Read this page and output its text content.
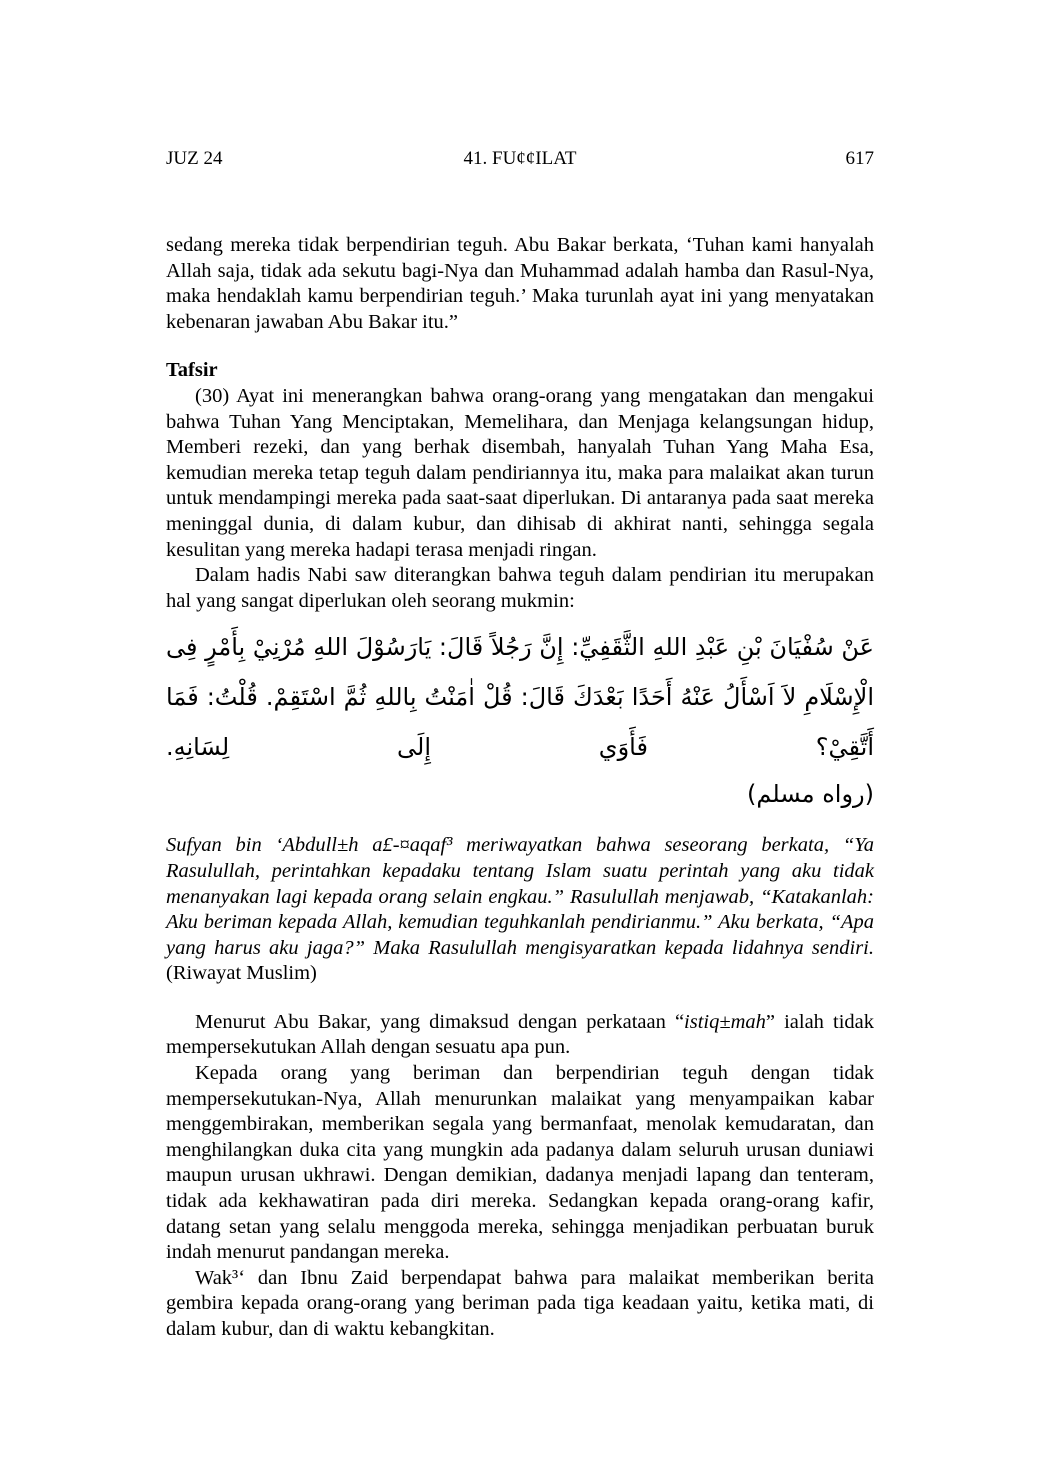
JUZ 24	41. FU¢¢ILAT	617

sedang mereka tidak berpendirian teguh. Abu Bakar berkata, ‘Tuhan kami hanyalah Allah saja, tidak ada sekutu bagi-Nya dan Muhammad adalah hamba dan Rasul-Nya, maka hendaklah kamu berpendirian teguh.’ Maka turunlah ayat ini yang menyatakan kebenaran jawaban Abu Bakar itu.”

Tafsir

(30) Ayat ini menerangkan bahwa orang-orang yang mengatakan dan mengakui bahwa Tuhan Yang Menciptakan, Memelihara, dan Menjaga kelangsungan hidup, Memberi rezeki, dan yang berhak disembah, hanyalah Tuhan Yang Maha Esa, kemudian mereka tetap teguh dalam pendiriannya itu, maka para malaikat akan turun untuk mendampingi mereka pada saat-saat diperlukan. Di antaranya pada saat mereka meninggal dunia, di dalam kubur, dan dihisab di akhirat nanti, sehingga segala kesulitan yang mereka hadapi terasa menjadi ringan.

Dalam hadis Nabi saw diterangkan bahwa teguh dalam pendirian itu merupakan hal yang sangat diperlukan oleh seorang mukmin:

عَنْ سُفْيَانَ بْنِ عَبْدِ اللهِ الثَّقَفِيِّ: إِنَّ رَجُلاً قَالَ: يَارَسُوْلَ اللهِ مُرْنِيْ بِأَمْرٍ فِى الْإِسْلَامِ لاَ اَسْأَلُ عَنْهُ أَحَدًا بَعْدَكَ قَالَ: قُلْ اٰمَنْتُ بِاللهِ ثُمَّ اسْتَقِمْ. قُلْتُ: فَمَا أَتَّقِيْ؟ فَأَوَي إِلَى لِسَانِهِ.

(رواه مسلم)

Sufyan bin ‘Abdull±h a£-¤aqaf³ meriwayatkan bahwa seseorang berkata, “Ya Rasulullah, perintahkan kepadaku tentang Islam suatu perintah yang aku tidak menanyakan lagi kepada orang selain engkau.” Rasulullah menjawab, “Katakanlah: Aku beriman kepada Allah, kemudian teguhkanlah pendirianmu.” Aku berkata, “Apa yang harus aku jaga?” Maka Rasulullah mengisyaratkan kepada lidahnya sendiri. (Riwayat Muslim)

Menurut Abu Bakar, yang dimaksud dengan perkataan “istiq±mah” ialah tidak mempersekutukan Allah dengan sesuatu apa pun.

Kepada orang yang beriman dan berpendirian teguh dengan tidak mempersekutukan-Nya, Allah menurunkan malaikat yang menyampaikan kabar menggembirakan, memberikan segala yang bermanfaat, menolak kemudaratan, dan menghilangkan duka cita yang mungkin ada padanya dalam seluruh urusan duniawi maupun urusan ukhrawi. Dengan demikian, dadanya menjadi lapang dan tenteram, tidak ada kekhawatiran pada diri mereka. Sedangkan kepada orang-orang kafir, datang setan yang selalu menggoda mereka, sehingga menjadikan perbuatan buruk indah menurut pandangan mereka.

Wak³‘ dan Ibnu Zaid berpendapat bahwa para malaikat memberikan berita gembira kepada orang-orang yang beriman pada tiga keadaan yaitu, ketika mati, di dalam kubur, dan di waktu kebangkitan.
